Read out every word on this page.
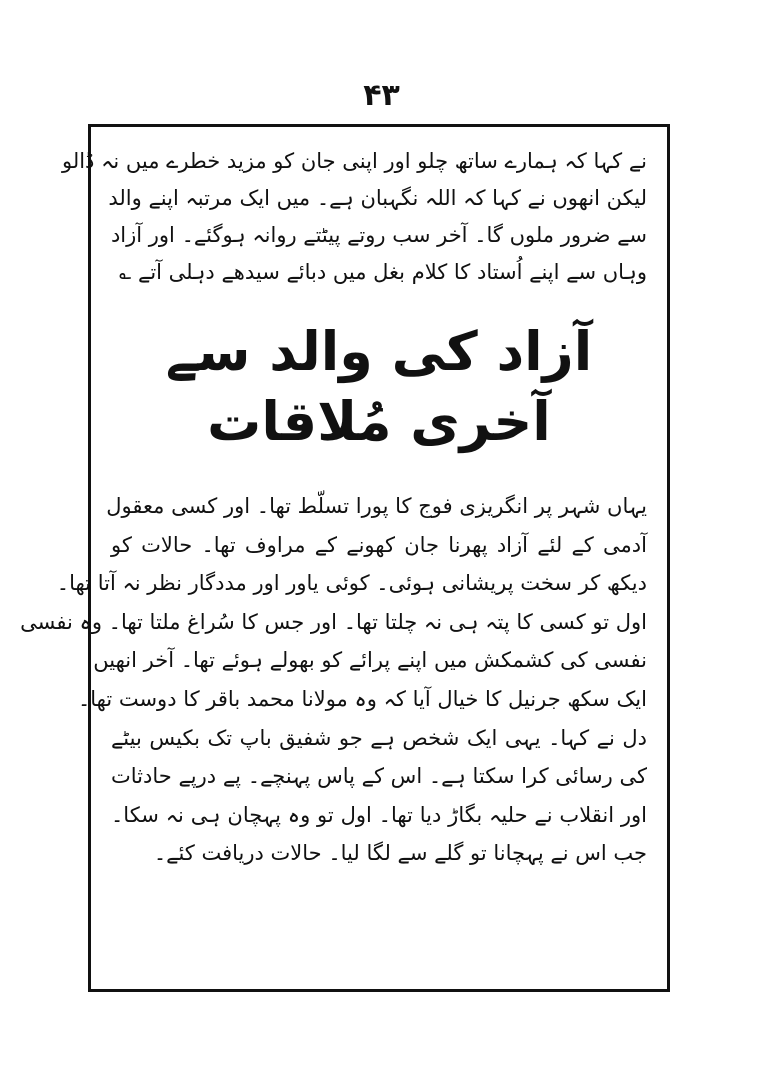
۴۳
نے کہا کہ ہمارے ساتھ چلو اور اپنی جان کو مزید خطرے میں نہ ڈالو
لیکن انھوں نے کہا کہ اللہ نگہبان ہے۔ میں ایک مرتبہ اپنے والد
سے ضرور ملوں گا۔ آخر سب روتے پیٹتے روانہ ہوگئے۔ اور آزاد
وہاں سے اپنے اُستاد کا کلام بغل میں دبائے سیدھے دہلی آتے ؎
آزاد کی والد سے آخری مُلاقات
یہاں شہر پر انگریزی فوج کا پورا تسلّط تھا۔ اور کسی معقول
آدمی کے لئے آزاد پھرنا جان کھونے کے مراوف تھا۔ حالات کو
دیکھ کر سخت پریشانی ہوئی۔ کوئی یاور اور مددگار نظر نہ آتا تھا۔
اول تو کسی کا پتہ ہی نہ چلتا تھا۔ اور جس کا سُراغ ملتا تھا۔ وہ نفسی
نفسی کی کشمکش میں اپنے پرائے کو بھولے ہوئے تھا۔ آخر انھیں
ایک سکھ جرنیل کا خیال آیا کہ وہ مولانا محمد باقر کا دوست تھا۔
دل نے کہا۔ یہی ایک شخص ہے جو شفیق باپ تک بکیس بیٹے
کی رسائی کرا سکتا ہے۔ اس کے پاس پہنچے۔ پے درپے حادثات
اور انقلاب نے حلیہ بگاڑ دیا تھا۔ اول تو وہ پہچان ہی نہ سکا۔
جب اس نے پہچانا تو گلے سے لگا لیا۔ حالات دریافت کئے۔
